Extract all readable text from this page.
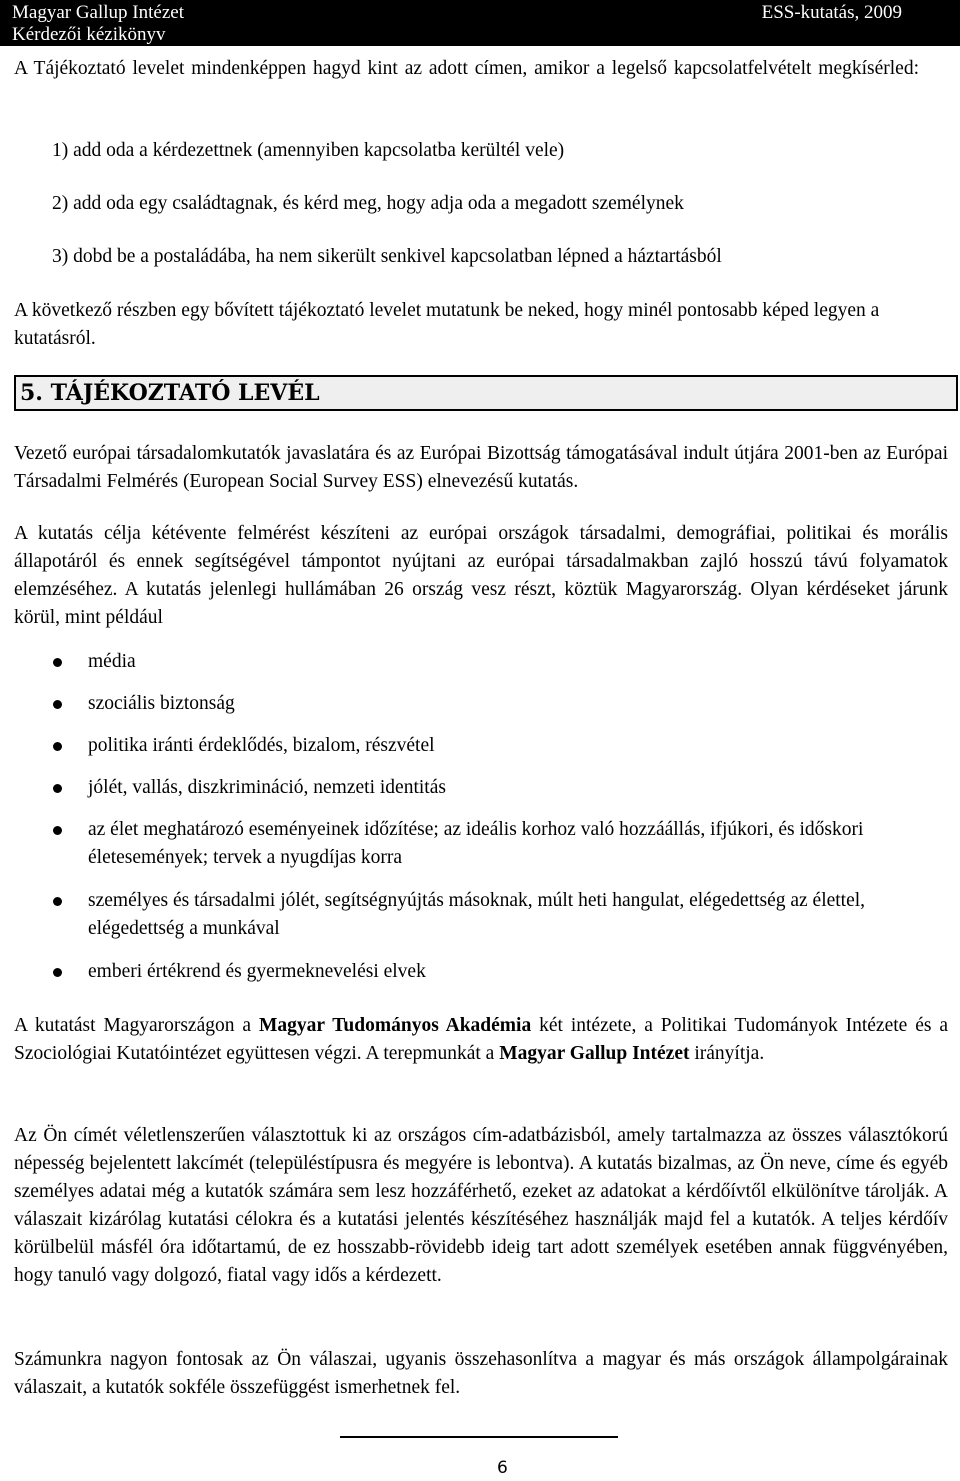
Magyar Gallup Intézet
Kérdezői kézikönyv
ESS-kutatás, 2009

A Tájékoztató levelet mindenképpen hagyd kint az adott címen, amikor a legelső kapcsolatfelvételt megkísérled:

1) add oda a kérdezettnek (amennyiben kapcsolatba kerültél vele)
2) add oda egy családtagnak, és kérd meg, hogy adja oda a megadott személynek
3) dobd be a postaládába, ha nem sikerült senkivel kapcsolatban lépned a háztartásból

A következő részben egy bővített tájékoztató levelet mutatunk be neked, hogy minél pontosabb képed legyen a kutatásról.

5. TÁJÉKOZTATÓ LEVÉL

Vezető európai társadalomkutatók javaslatára és az Európai Bizottság támogatásával indult útjára 2001-ben az Európai Társadalmi Felmérés (European Social Survey ESS) elnevezésű kutatás.

A kutatás célja kétévente felmérést készíteni az európai országok társadalmi, demográfiai, politikai és morális állapotáról és ennek segítségével támpontot nyújtani az európai társadalmakban zajló hosszú távú folyamatok elemzéséhez. A kutatás jelenlegi hullámában 26 ország vesz részt, köztük Magyarország. Olyan kérdéseket járunk körül, mint például

média
szociális biztonság
politika iránti érdeklődés, bizalom, részvétel
jólét, vallás, diszkrimináció, nemzeti identitás
az élet meghatározó eseményeinek időzítése; az ideális korhoz való hozzáállás, ifjúkori, és időskori életesemények; tervek a nyugdíjas korra
személyes és társadalmi jólét, segítségnyújtás másoknak, múlt heti hangulat, elégedettség az élettel, elégedettség a munkával
emberi értékrend és gyermeknevelési elvek

A kutatást Magyarországon a Magyar Tudományos Akadémia két intézete, a Politikai Tudományok Intézete és a Szociológiai Kutatóintézet együttesen végzi. A terepmunkát a Magyar Gallup Intézet irányítja.

Az Ön címét véletlenszerűen választottuk ki az országos cím-adatbázisból, amely tartalmazza az összes választókorú népesség bejelentett lakcímét (településtípusra és megyére is lebontva). A kutatás bizalmas, az Ön neve, címe és egyéb személyes adatai még a kutatók számára sem lesz hozzáférhető, ezeket az adatokat a kérdőívtől elkülönítve tárolják. A válaszait kizárólag kutatási célokra és a kutatási jelentés készítéséhez használják majd fel a kutatók. A teljes kérdőív körülbelül másfél óra időtartamú, de ez hosszabb-rövidebb ideig tart adott személyek esetében annak függvényében, hogy tanuló vagy dolgozó, fiatal vagy idős a kérdezett.

Számunkra nagyon fontosak az Ön válaszai, ugyanis összehasonlítva a magyar és más országok állampolgárainak válaszait, a kutatók sokféle összefüggést ismerhetnek fel.

6
